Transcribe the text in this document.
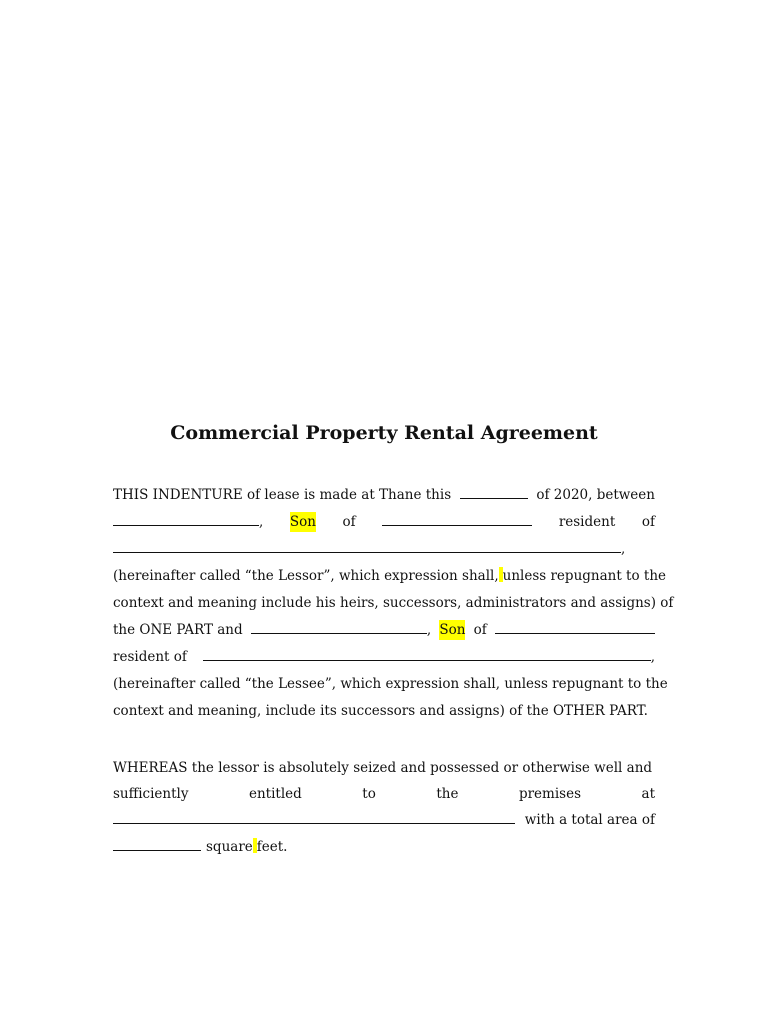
Commercial Property Rental Agreement
THIS INDENTURE of lease is made at Thane this	of 2020, between
, Son of	resident of
,
(hereinafter called “the Lessor”, which expression shall, unless repugnant to the
context and meaning include his heirs, successors, administrators and assigns) of
the ONE PART and	, Son of
resident of	,
(hereinafter called “the Lessee”, which expression shall, unless repugnant to the
context and meaning, include its successors and assigns) of the OTHER PART.
WHEREAS the lessor is absolutely seized and possessed or otherwise well and
sufficiently	entitled	to	the	premises	at
with a total area of
square feet.
